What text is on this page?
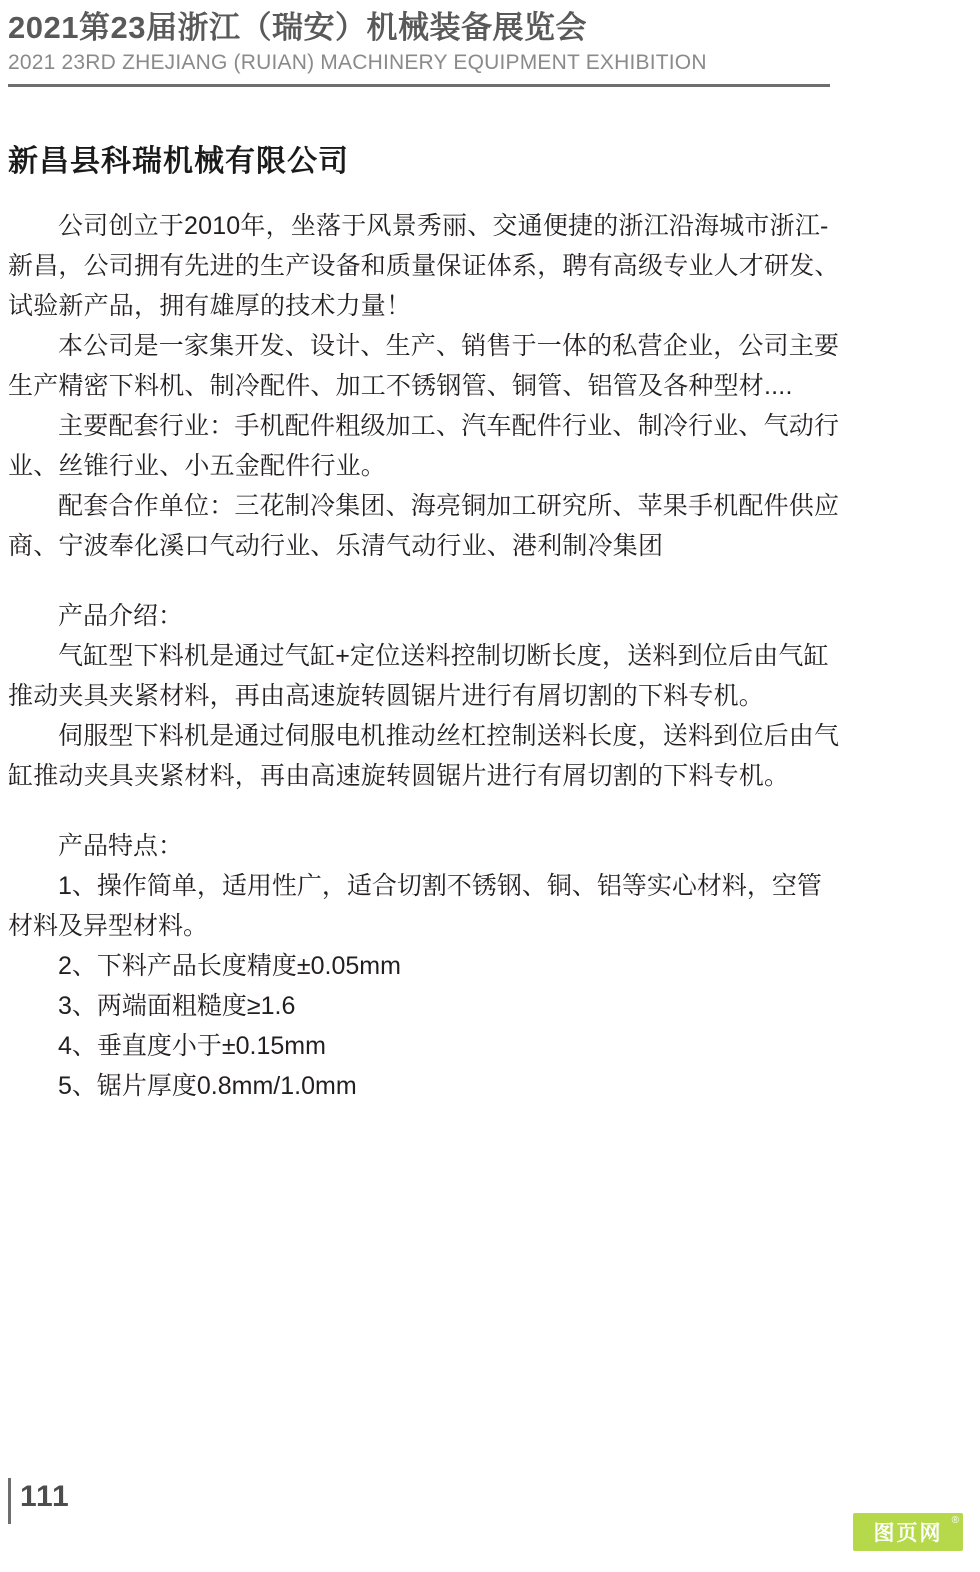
2021第23届浙江（瑞安）机械装备展览会
2021 23RD ZHEJIANG (RUIAN) MACHINERY EQUIPMENT EXHIBITION
新昌县科瑞机械有限公司

公司创立于2010年，坐落于风景秀丽、交通便捷的浙江沿海城市浙江-新昌，公司拥有先进的生产设备和质量保证体系，聘有高级专业人才研发、试验新产品，拥有雄厚的技术力量！

本公司是一家集开发、设计、生产、销售于一体的私营企业，公司主要生产精密下料机、制冷配件、加工不锈钢管、铜管、铝管及各种型材....

主要配套行业：手机配件粗级加工、汽车配件行业、制冷行业、气动行业、丝锥行业、小五金配件行业。

配套合作单位：三花制冷集团、海亮铜加工研究所、苹果手机配件供应商、宁波奉化溪口气动行业、乐清气动行业、港利制冷集团

产品介绍：

气缸型下料机是通过气缸+定位送料控制切断长度，送料到位后由气缸推动夹具夹紧材料，再由高速旋转圆锯片进行有屑切割的下料专机。

伺服型下料机是通过伺服电机推动丝杠控制送料长度，送料到位后由气缸推动夹具夹紧材料，再由高速旋转圆锯片进行有屑切割的下料专机。

产品特点：

1、操作简单，适用性广，适合切割不锈钢、铜、铝等实心材料，空管材料及异型材料。

2、下料产品长度精度±0.05mm

3、两端面粗糙度≥1.6

4、垂直度小于±0.15mm

5、锯片厚度0.8mm/1.0mm

111
图页网
®
